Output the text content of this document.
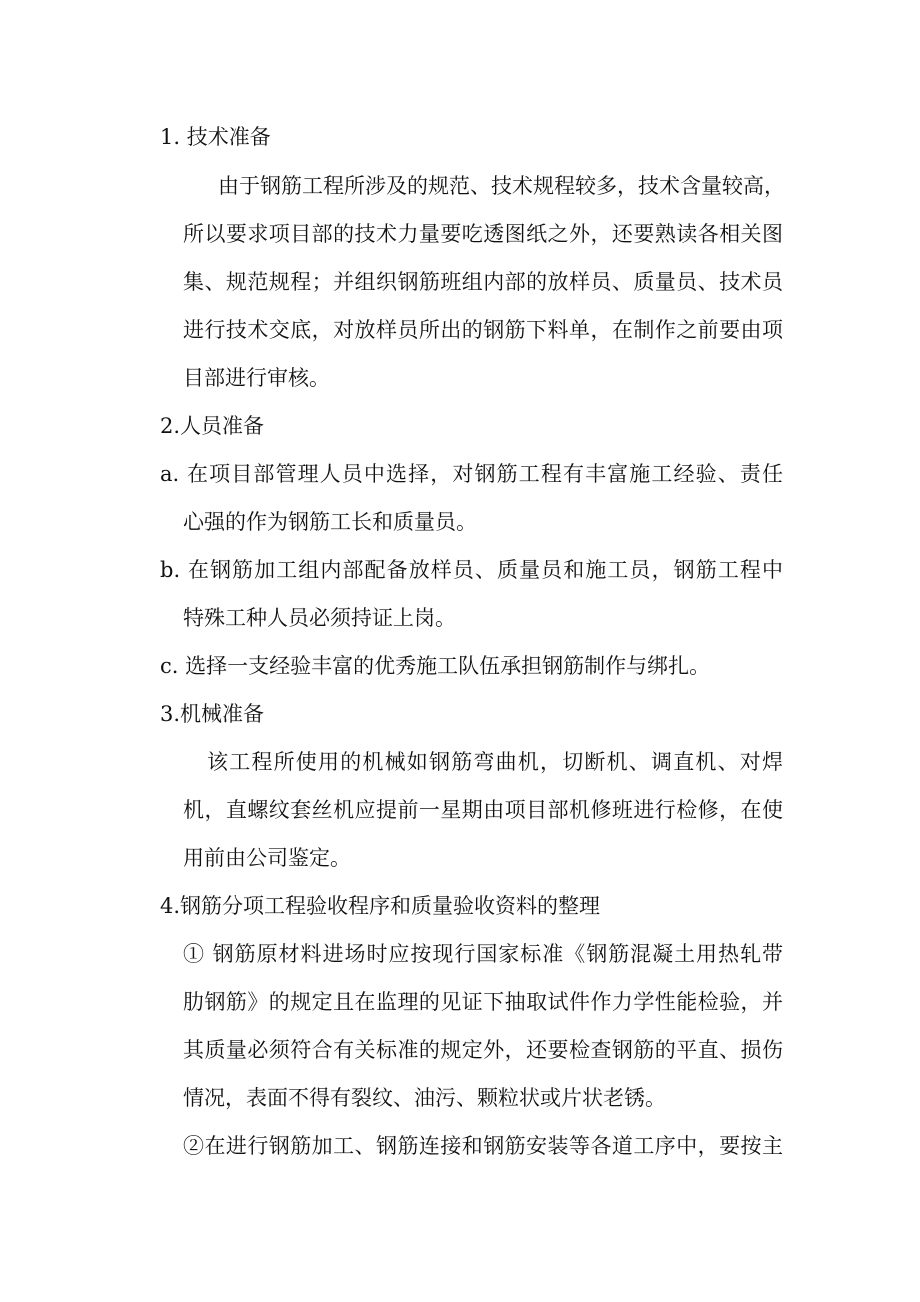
1. 技术准备
由于钢筋工程所涉及的规范、技术规程较多，技术含量较高，
所以要求项目部的技术力量要吃透图纸之外，还要熟读各相关图
集、规范规程；并组织钢筋班组内部的放样员、质量员、技术员
进行技术交底，对放样员所出的钢筋下料单，在制作之前要由项
目部进行审核。
2.人员准备
a. 在项目部管理人员中选择，对钢筋工程有丰富施工经验、责任
心强的作为钢筋工长和质量员。
b. 在钢筋加工组内部配备放样员、质量员和施工员，钢筋工程中
特殊工种人员必须持证上岗。
c. 选择一支经验丰富的优秀施工队伍承担钢筋制作与绑扎。
3.机械准备
该工程所使用的机械如钢筋弯曲机，切断机、调直机、对焊
机，直螺纹套丝机应提前一星期由项目部机修班进行检修，在使
用前由公司鉴定。
4.钢筋分项工程验收程序和质量验收资料的整理
① 钢筋原材料进场时应按现行国家标准《钢筋混凝土用热轧带
肋钢筋》的规定且在监理的见证下抽取试件作力学性能检验，并
其质量必须符合有关标准的规定外，还要检查钢筋的平直、损伤
情况，表面不得有裂纹、油污、颗粒状或片状老锈。
②在进行钢筋加工、钢筋连接和钢筋安装等各道工序中，要按主
